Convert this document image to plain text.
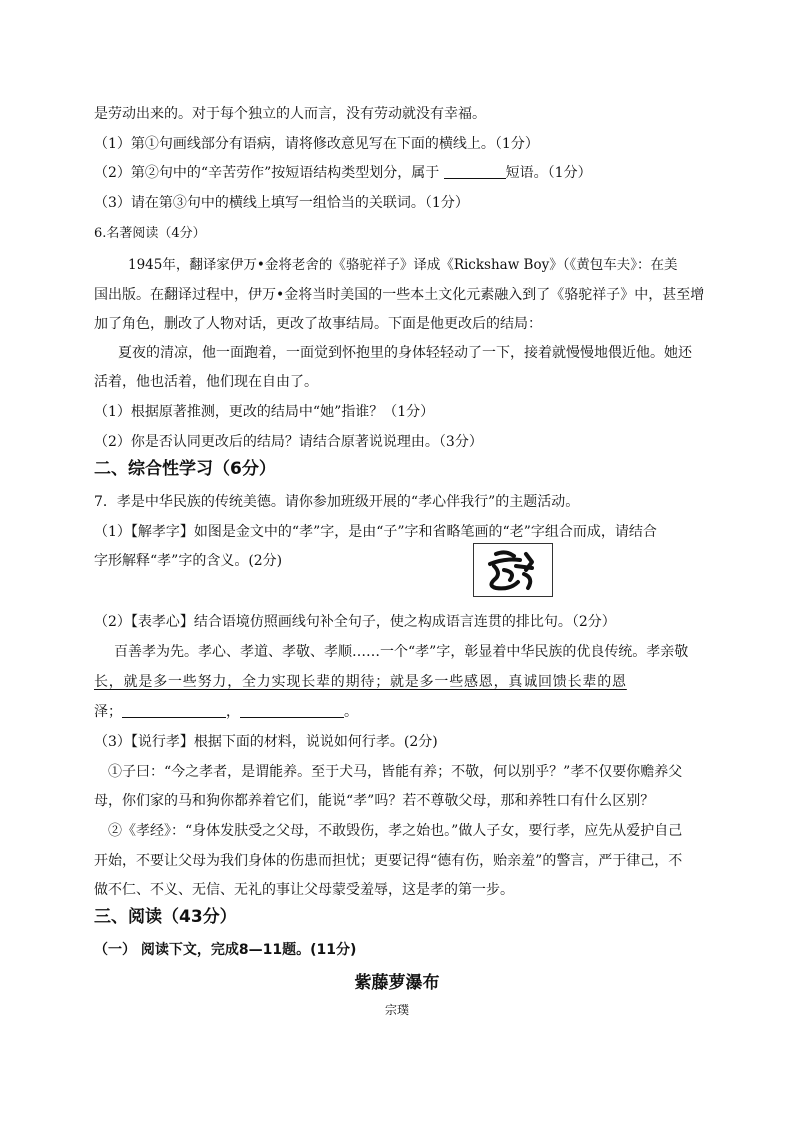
是劳动出来的。对于每个独立的人而言，没有劳动就没有幸福。
（1）第①句画线部分有语病，请将修改意见写在下面的横线上。（1分）
（2）第②句中的“辛苦劳作”按短语结构类型划分，属于	短语。（1分）
（3）请在第③句中的横线上填写一组恰当的关联词。（1分）
6.名著阅读（4分）
1945年，翻译家伊万•金将老舍的《骆驼祥子》译成《Rickshaw Boy》（《黄包车夫》：在美
国出版。在翻译过程中，伊万•金将当时美国的一些本土文化元素融入到了《骆驼祥子》中，甚至增
加了角色，删改了人物对话，更改了故事结局。下面是他更改后的结局：
夏夜的清凉，他一面跑着，一面觉到怀抱里的身体轻轻动了一下，接着就慢慢地偎近他。她还
活着，他也活着，他们现在自由了。
（1）根据原著推测，更改的结局中“她”指谁？（1分）
（2）你是否认同更改后的结局？请结合原著说说理由。（3分）
二、综合性学习（6分）
7．孝是中华民族的传统美德。请你参加班级开展的“孝心伴我行”的主题活动。
（1）【解孝字】如图是金文中的“孝”字，是由“子”字和省略笔画的“老”字组合而成，请结合
字形解释“孝”字的含义。(2分)
（2）【表孝心】结合语境仿照画线句补全句子，使之构成语言连贯的排比句。（2分）
百善孝为先。孝心、孝道、孝敬、孝顺……一个“孝”字，彰显着中华民族的优良传统。孝亲敬
长，就是多一些努力，全力实现长辈的期待；就是多一些感恩，真诚回馈长辈的恩
泽；	，	。
（3）【说行孝】根据下面的材料，说说如何行孝。(2分)
①子曰：“今之孝者，是谓能养。至于犬马，皆能有养；不敬，何以别乎？”孝不仅要你赡养父
母，你们家的马和狗你都养着它们，能说“孝”吗？若不尊敬父母，那和养牲口有什么区别？
②《孝经》：“身体发肤受之父母，不敢毁伤，孝之始也。”做人子女，要行孝，应先从爱护自己
开始，不要让父母为我们身体的伤患而担忧；更要记得“德有伤，贻亲羞”的警言，严于律己，不
做不仁、不义、无信、无礼的事让父母蒙受羞辱，这是孝的第一步。
三、阅读（43分）
（一） 阅读下文，完成8—11题。(11分)
紫藤萝瀑布
宗璞
